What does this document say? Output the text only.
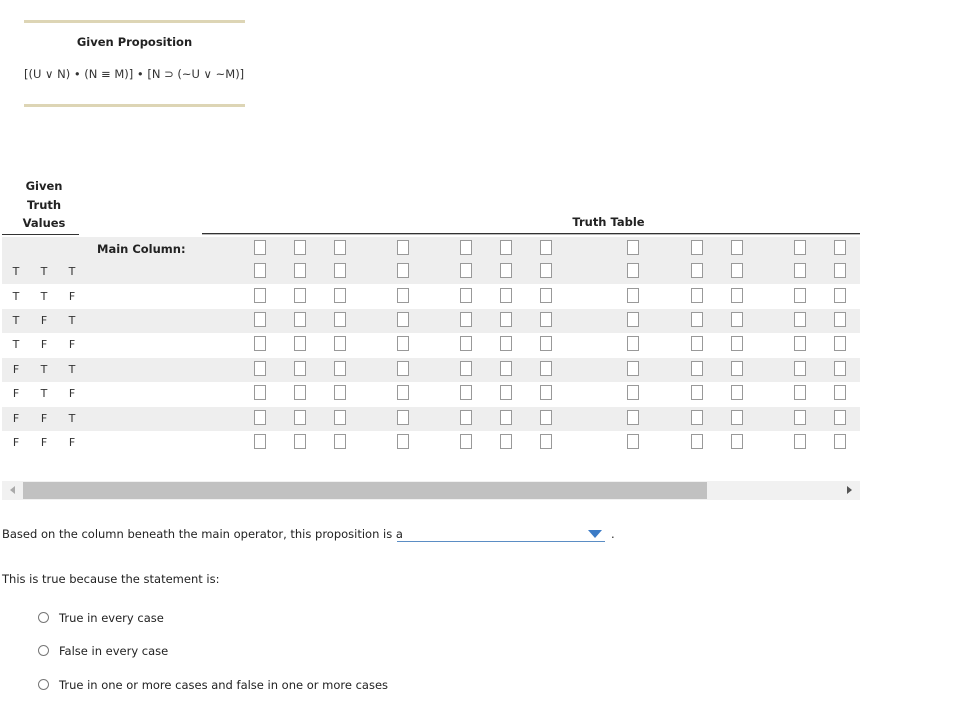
Given Proposition
[(U ∨ N) • (N ≡ M)] • [N ⊃ (~U ∨ ~M)]
Given
Truth
Values	Truth Table
T	T	T
T	T	F
T	F	T
T	F	F
F	T	T
F	T	F
F	F	T
F	F	F
Main Column:
Based on the column beneath the main operator, this proposition is a	.
This is true because the statement is:
True in every case
False in every case
True in one or more cases and false in one or more cases
